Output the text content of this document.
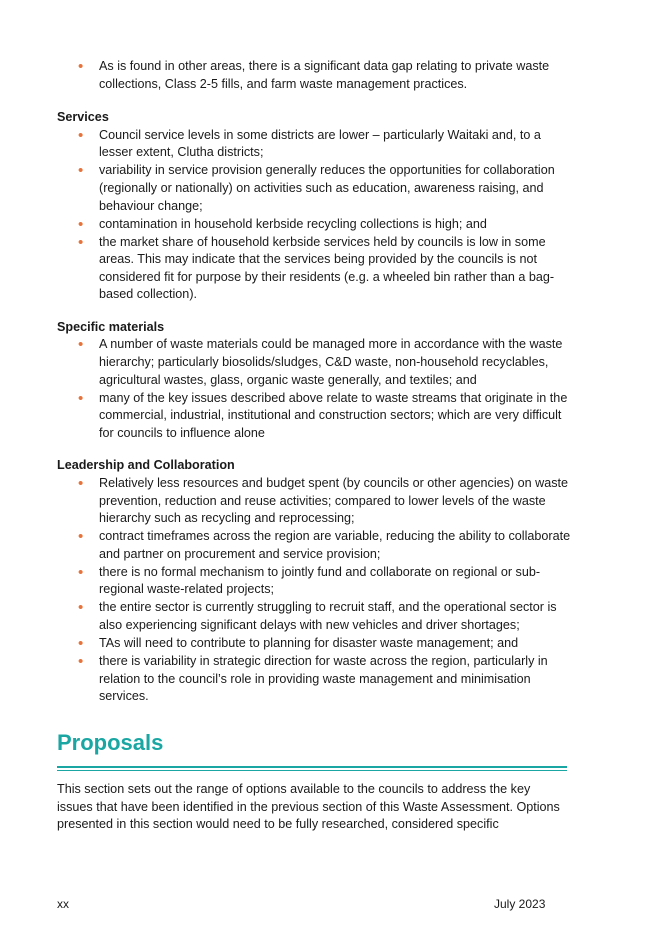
• As is found in other areas, there is a significant data gap relating to private waste collections, Class 2-5 fills, and farm waste management practices.
Services
• Council service levels in some districts are lower – particularly Waitaki and, to a lesser extent, Clutha districts;
• variability in service provision generally reduces the opportunities for collaboration (regionally or nationally) on activities such as education, awareness raising, and behaviour change;
• contamination in household kerbside recycling collections is high; and
• the market share of household kerbside services held by councils is low in some areas. This may indicate that the services being provided by the councils is not considered fit for purpose by their residents (e.g. a wheeled bin rather than a bag-based collection).
Specific materials
• A number of waste materials could be managed more in accordance with the waste hierarchy; particularly biosolids/sludges, C&D waste, non-household recyclables, agricultural wastes, glass, organic waste generally, and textiles; and
• many of the key issues described above relate to waste streams that originate in the commercial, industrial, institutional and construction sectors; which are very difficult for councils to influence alone
Leadership and Collaboration
• Relatively less resources and budget spent (by councils or other agencies) on waste prevention, reduction and reuse activities; compared to lower levels of the waste hierarchy such as recycling and reprocessing;
• contract timeframes across the region are variable, reducing the ability to collaborate and partner on procurement and service provision;
• there is no formal mechanism to jointly fund and collaborate on regional or sub-regional waste-related projects;
• the entire sector is currently struggling to recruit staff, and the operational sector is also experiencing significant delays with new vehicles and driver shortages;
• TAs will need to contribute to planning for disaster waste management; and
• there is variability in strategic direction for waste across the region, particularly in relation to the council’s role in providing waste management and minimisation services.
Proposals
This section sets out the range of options available to the councils to address the key issues that have been identified in the previous section of this Waste Assessment. Options presented in this section would need to be fully researched, considered specific
xx	July 2023
